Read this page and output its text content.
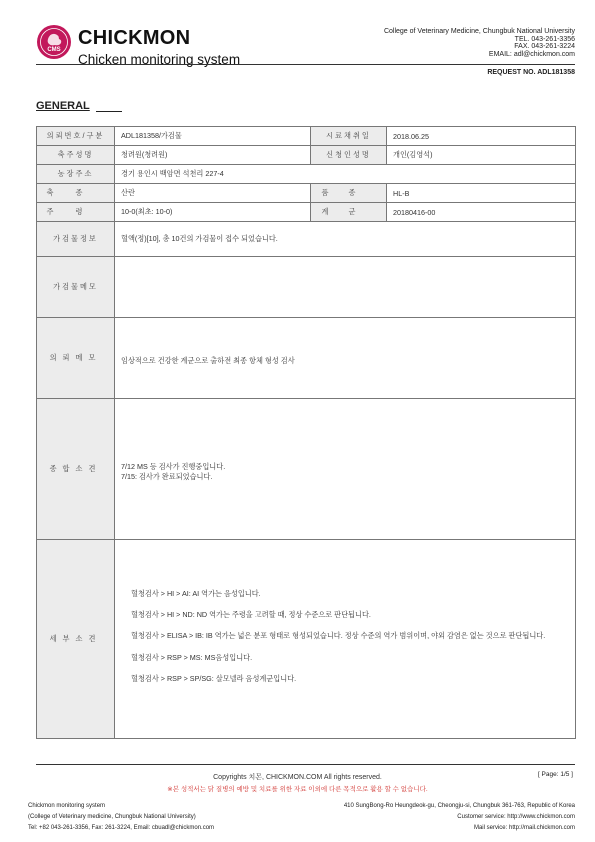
CMS
CHICKMON
Chicken monitoring system
College of Veterinary Medicine, Chungbuk National University
TEL. 043-261-3356
FAX. 043-261-3224
EMAIL: adl@chickmon.com
REQUEST NO. ADL181358
GENERAL
의뢰번호/구분	ADL181358/가검물	시료채취일	2018.06.25
축주성명	청려원(청려원)	신청인성명	개인(김영석)
농장주소	경기 용인시 백암면 석천리 227-4		
축종	산란	품종	HL-B
주령	10-0(최초: 10-0)	계군	20180416-00
가검물정보	혈액(정)[10], 총 10건의 가검물이 접수 되었습니다.		
가검물메모			
의뢰메모	임상적으로 건강한 계군으로 출하전 최종 항체 형성 검사		
종합소견	7/12 MS 등 검사가 진행중입니다.
7/15: 검사가 완료되었습니다.		

세부소견	혈청검사 > HI > AI: AI 역가는 음성입니다.

혈청검사 > HI > ND: ND 역가는 주령을 고려할 때, 정상 수준으로 판단됩니다.

혈청검사 > ELISA > IB: IB 역가는 넓은 분포 형태로 형성되었습니다. 정상 수준의 역가 범위이며, 야외 감염은 없는 것으로 판단됩니다.

혈청검사 > RSP > MS: MS음성입니다.

혈청검사 > RSP > SP/SG: 살모넬라 음성계군입니다.		

Copyrights 치몬, CHICKMON.COM All rights reserved.	[ Page: 1/5 ]
※본 성적서는 닭 질병의 예방 및 치료를 위한 자료 이외에 다른 목적으로 활용 할 수 없습니다.
Chickmon monitoring system
(College of Veterinary medicine, Chungbuk National University)
Tel: +82 043-261-3356, Fax: 261-3224, Email: cbuadl@chickmon.com
410 SungBong-Ro Heungdeok-gu, Cheongju-si, Chungbuk 361-763, Republic of Korea
Customer service: http://www.chickmon.com
Mail service: http://mail.chickmon.com
